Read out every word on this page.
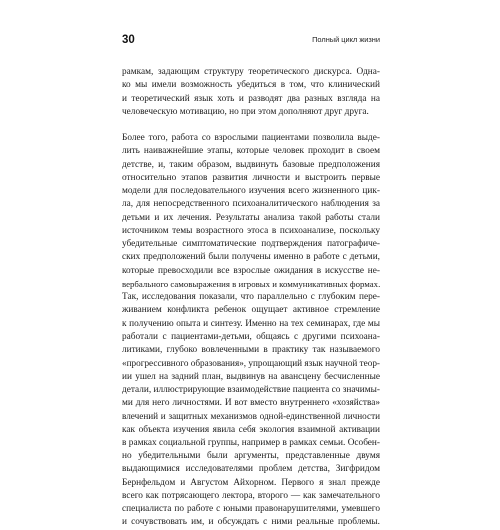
30	Полный цикл жизни
рамкам, задающим структуру теоретического дискурса. Одна-
ко мы имели возможность убедиться в том, что клинический
и теоретический язык хоть и разводят два разных взгляда на
человеческую мотивацию, но при этом дополняют друг друга.
Более того, работа со взрослыми пациентами позволила выде-
лить наиважнейшие этапы, которые человек проходит в своем
детстве, и, таким образом, выдвинуть базовые предположения
относительно этапов развития личности и выстроить первые
модели для последовательного изучения всего жизненного цик-
ла, для непосредственного психоаналитического наблюдения за
детьми и их лечения. Результаты анализа такой работы стали
источником темы возрастного этоса в психоанализе, поскольку
убедительные симптоматические подтверждения патографиче-
ских предположений были получены именно в работе с детьми,
которые превосходили все взрослые ожидания в искусстве не-
вербального самовыражения в игровых и коммуникативных формах.
Так, исследования показали, что параллельно с глубоким пере-
живанием конфликта ребенок ощущает активное стремление
к получению опыта и синтезу. Именно на тех семинарах, где мы
работали с пациентами-детьми, общаясь с другими психоана-
литиками, глубоко вовлеченными в практику так называемого
«прогрессивного образования», упрощающий язык научной теор-
ии ушел на задний план, выдвинув на авансцену бесчисленные
детали, иллюстрирующие взаимодействие пациента со значимы-
ми для него личностями. И вот вместо внутреннего «хозяйства»
влечений и защитных механизмов одной-единственной личности
как объекта изучения явила себя экология взаимной активации
в рамках социальной группы, например в рамках семьи. Особен-
но убедительными были аргументы, представленные двумя
выдающимися исследователями проблем детства, Зигфридом
Бернфельдом и Августом Айхорном. Первого я знал прежде
всего как потрясающего лектора, второго — как замечательного
специалиста по работе с юными правонарушителями, умевшего
и сочувствовать им, и обсуждать с ними реальные проблемы.
